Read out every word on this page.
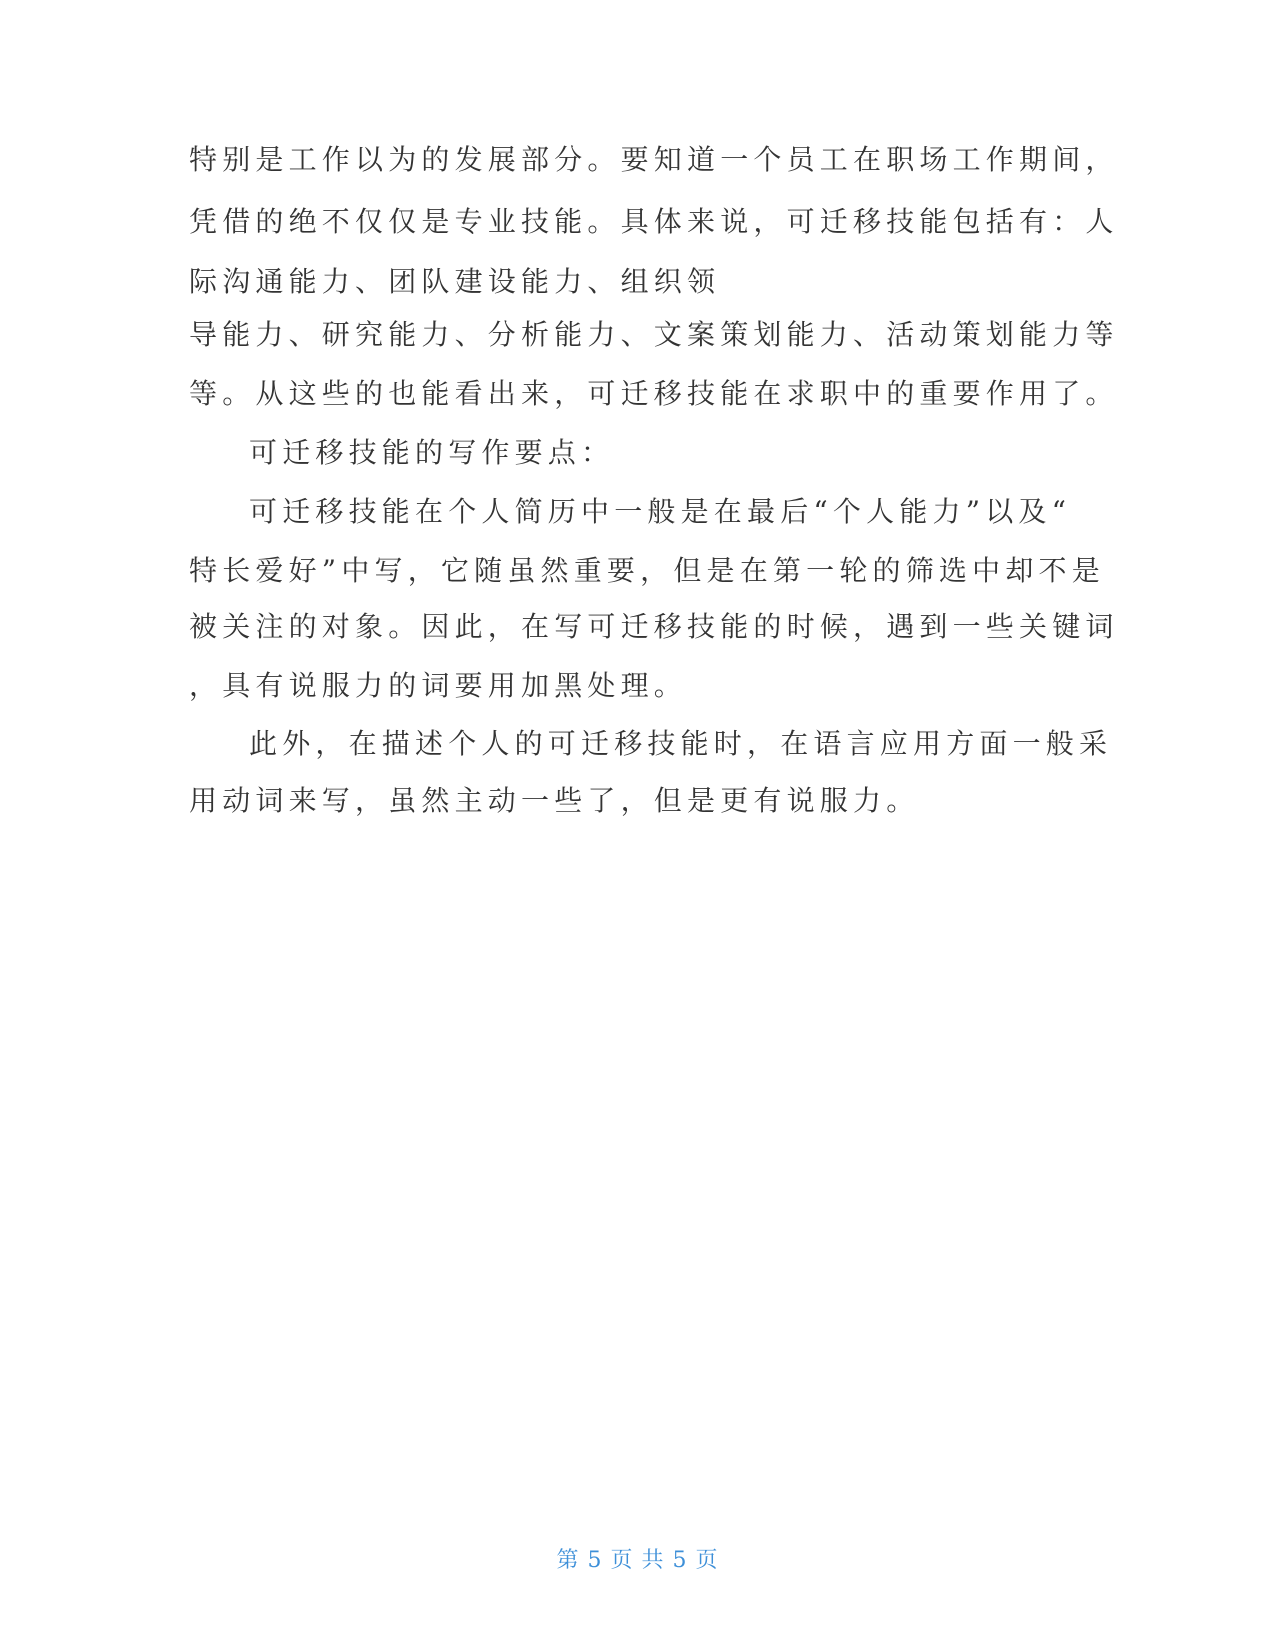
特别是工作以为的发展部分。要知道一个员工在职场工作期间，
凭借的绝不仅仅是专业技能。具体来说，可迁移技能包括有：人
际沟通能力、团队建设能力、组织领
导能力、研究能力、分析能力、文案策划能力、活动策划能力等
等。从这些的也能看出来，可迁移技能在求职中的重要作用了。
可迁移技能的写作要点：
可迁移技能在个人简历中一般是在最后“个人能力”以及“
特长爱好”中写，它随虽然重要，但是在第一轮的筛选中却不是
被关注的对象。因此，在写可迁移技能的时候，遇到一些关键词
，具有说服力的词要用加黑处理。
此外，在描述个人的可迁移技能时，在语言应用方面一般采
用动词来写，虽然主动一些了，但是更有说服力。
第 5 页 共 5 页
